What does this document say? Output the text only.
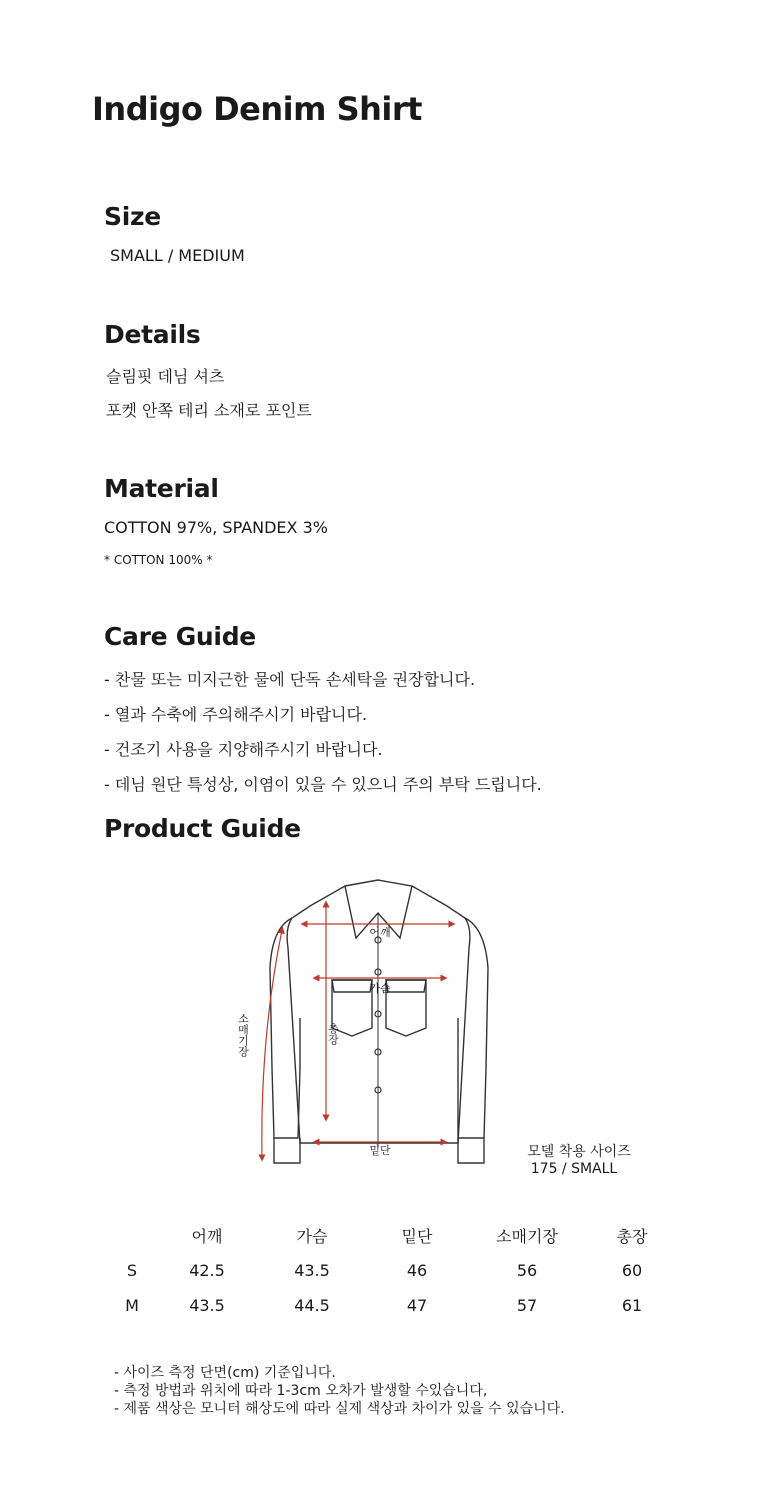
Indigo Denim Shirt
Size
SMALL / MEDIUM
Details
슬림핏 데님 셔츠
포켓 안쪽 테리 소재로 포인트
Material
COTTON 97%, SPANDEX 3%
* COTTON 100% *
Care Guide
- 찬물 또는 미지근한 물에 단독 손세탁을 권장합니다.
- 열과 수축에 주의해주시기 바랍니다.
- 건조기 사용을 지양해주시기 바랍니다.
- 데님 원단 특성상, 이염이 있을 수 있으니 주의 부탁 드립니다.
Product Guide
어깨
가슴
밑단
총장
소매기장
모델 착용 사이즈
175 / SMALL
	어깨	가슴	밑단	소매기장	총장
S	42.5	43.5	46	56	60
M	43.5	44.5	47	57	61
- 사이즈 측정 단면(cm) 기준입니다.
- 측정 방법과 위치에 따라 1-3cm 오차가 발생할 수있습니다,
- 제품 색상은 모니터 해상도에 따라 실제 색상과 차이가 있을 수 있습니다.
